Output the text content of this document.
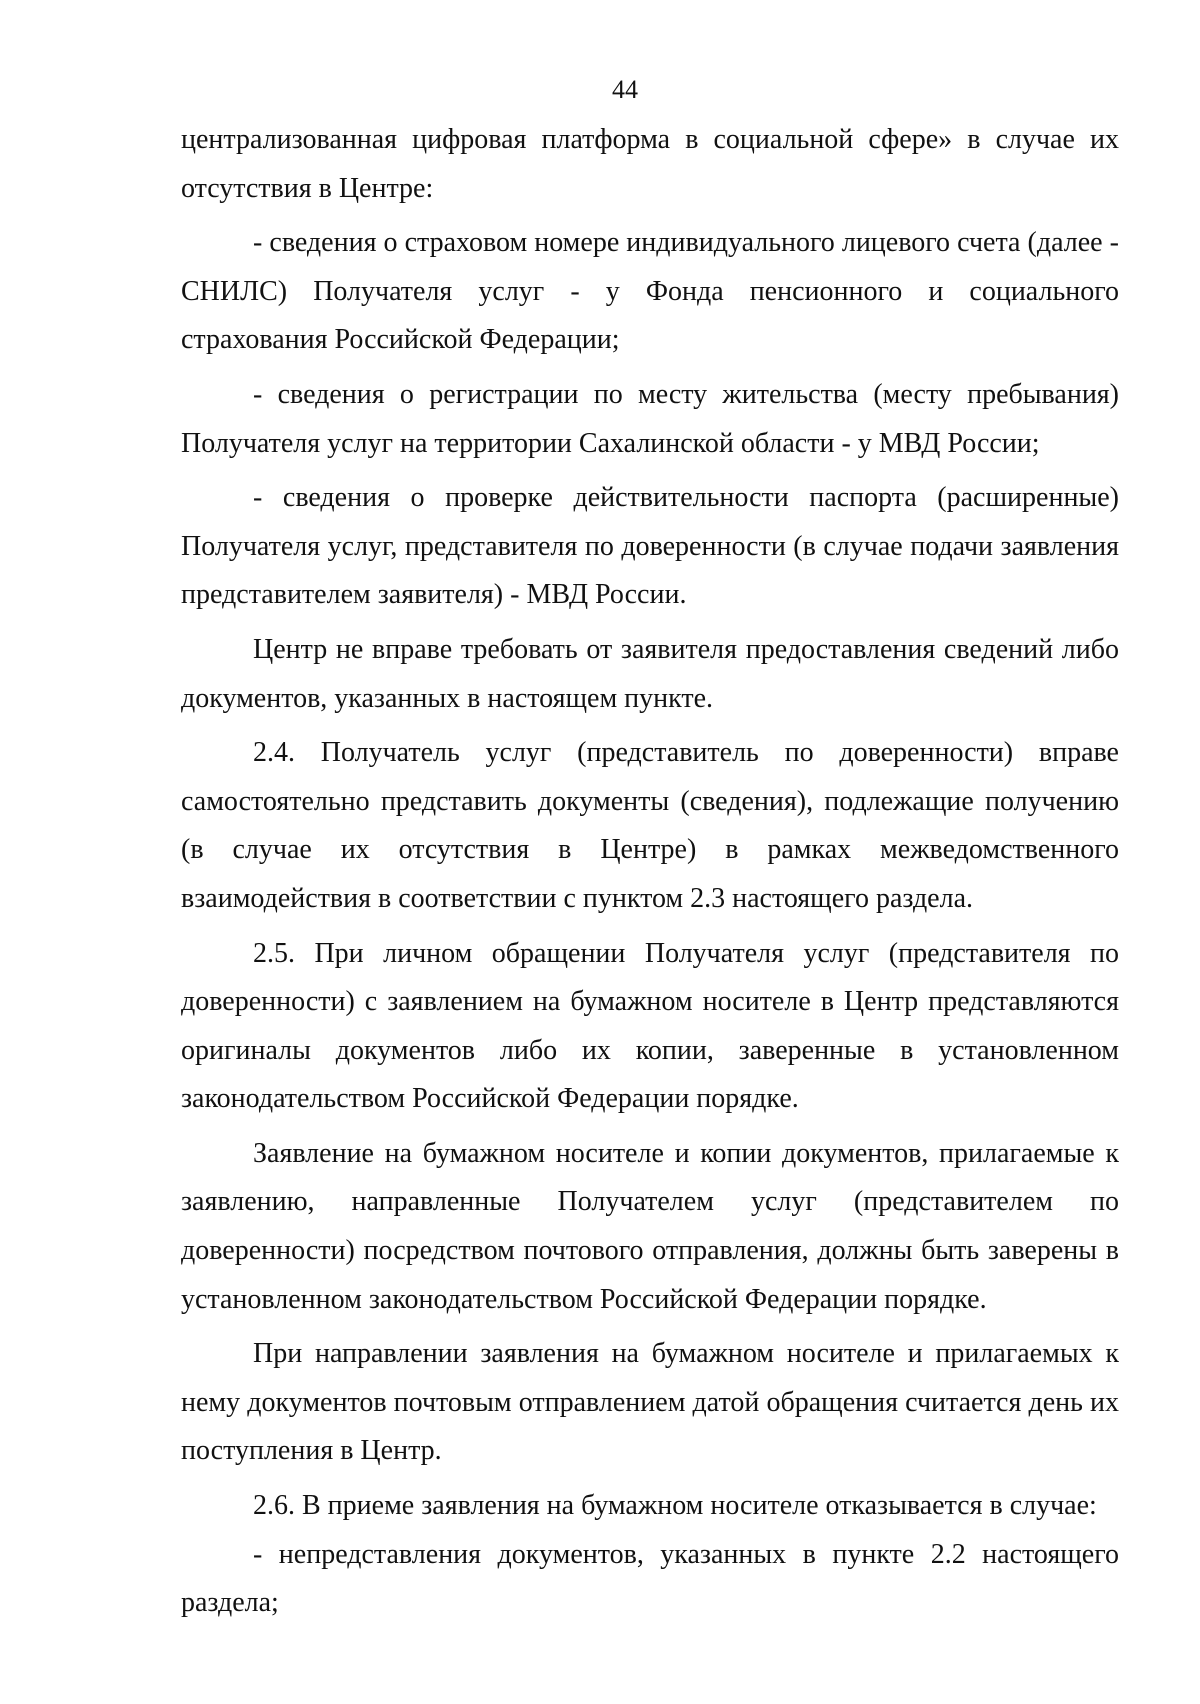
44

централизованная цифровая платформа в социальной сфере» в случае их отсутствия в Центре:

- сведения о страховом номере индивидуального лицевого счета (далее - СНИЛС) Получателя услуг - у Фонда пенсионного и социального страхования Российской Федерации;

- сведения о регистрации по месту жительства (месту пребывания) Получателя услуг на территории Сахалинской области - у МВД России;

- сведения о проверке действительности паспорта (расширенные) Получателя услуг, представителя по доверенности (в случае подачи заявления представителем заявителя) - МВД России.

Центр не вправе требовать от заявителя предоставления сведений либо документов, указанных в настоящем пункте.

2.4. Получатель услуг (представитель по доверенности) вправе самостоятельно представить документы (сведения), подлежащие получению (в случае их отсутствия в Центре) в рамках межведомственного взаимодействия в соответствии с пунктом 2.3 настоящего раздела.

2.5. При личном обращении Получателя услуг (представителя по доверенности) с заявлением на бумажном носителе в Центр представляются оригиналы документов либо их копии, заверенные в установленном законодательством Российской Федерации порядке.

Заявление на бумажном носителе и копии документов, прилагаемые к заявлению, направленные Получателем услуг (представителем по доверенности) посредством почтового отправления, должны быть заверены в установленном законодательством Российской Федерации порядке.

При направлении заявления на бумажном носителе и прилагаемых к нему документов почтовым отправлением датой обращения считается день их поступления в Центр.

2.6. В приеме заявления на бумажном носителе отказывается в случае:

- непредставления документов, указанных в пункте 2.2 настоящего раздела;
